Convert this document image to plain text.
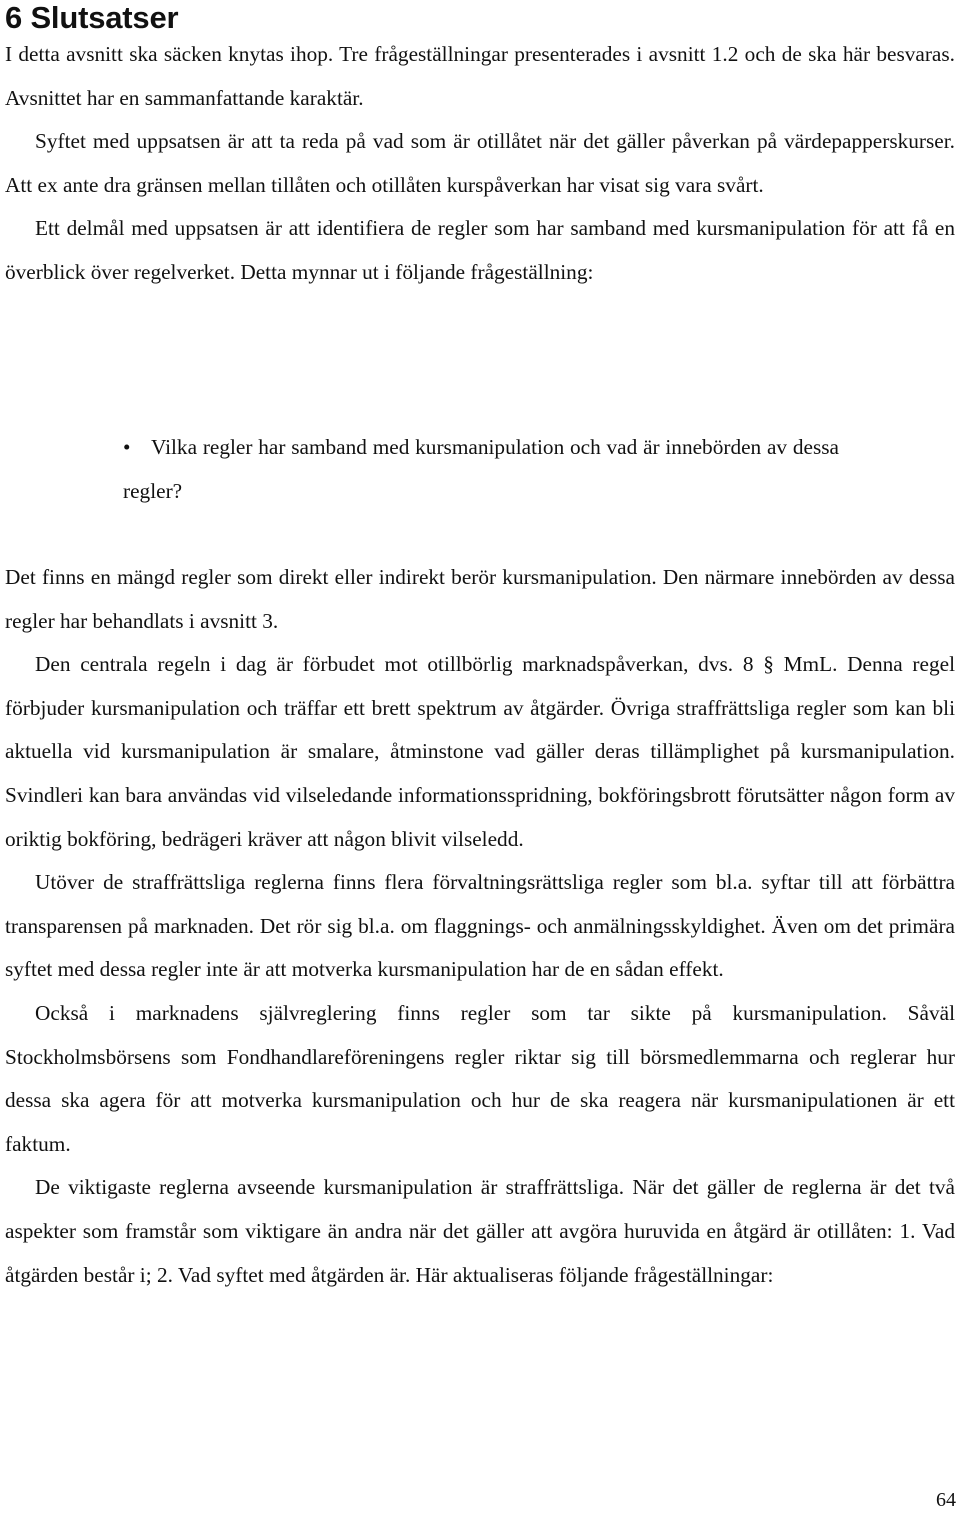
6 Slutsatser

I detta avsnitt ska säcken knytas ihop. Tre frågeställningar presenterades i avsnitt 1.2 och de ska här besvaras. Avsnittet har en sammanfattande karaktär.

Syftet med uppsatsen är att ta reda på vad som är otillåtet när det gäller påverkan på värdepapperskurser. Att ex ante dra gränsen mellan tillåten och otillåten kurspåverkan har visat sig vara svårt.

Ett delmål med uppsatsen är att identifiera de regler som har samband med kursmanipulation för att få en överblick över regelverket. Detta mynnar ut i följande frågeställning:

• Vilka regler har samband med kursmanipulation och vad är innebörden av dessa regler?

Det finns en mängd regler som direkt eller indirekt berör kursmanipulation. Den närmare innebörden av dessa regler har behandlats i avsnitt 3.

Den centrala regeln i dag är förbudet mot otillbörlig marknadspåverkan, dvs. 8 § MmL. Denna regel förbjuder kursmanipulation och träffar ett brett spektrum av åtgärder. Övriga straffrättsliga regler som kan bli aktuella vid kursmanipulation är smalare, åtminstone vad gäller deras tillämplighet på kursmanipulation. Svindleri kan bara användas vid vilseledande informationsspridning, bokföringsbrott förutsätter någon form av oriktig bokföring, bedrägeri kräver att någon blivit vilseledd.

Utöver de straffrättsliga reglerna finns flera förvaltningsrättsliga regler som bl.a. syftar till att förbättra transparensen på marknaden. Det rör sig bl.a. om flaggnings- och anmälningsskyldighet. Även om det primära syftet med dessa regler inte är att motverka kursmanipulation har de en sådan effekt.

Också i marknadens självreglering finns regler som tar sikte på kursmanipulation. Såväl Stockholmsbörsens som Fondhandlareföreningens regler riktar sig till börsmedlemmarna och reglerar hur dessa ska agera för att motverka kursmanipulation och hur de ska reagera när kursmanipulationen är ett faktum.

De viktigaste reglerna avseende kursmanipulation är straffrättsliga. När det gäller de reglerna är det två aspekter som framstår som viktigare än andra när det gäller att avgöra huruvida en åtgärd är otillåten: 1. Vad åtgärden består i; 2. Vad syftet med åtgärden är. Här aktualiseras följande frågeställningar:

64
